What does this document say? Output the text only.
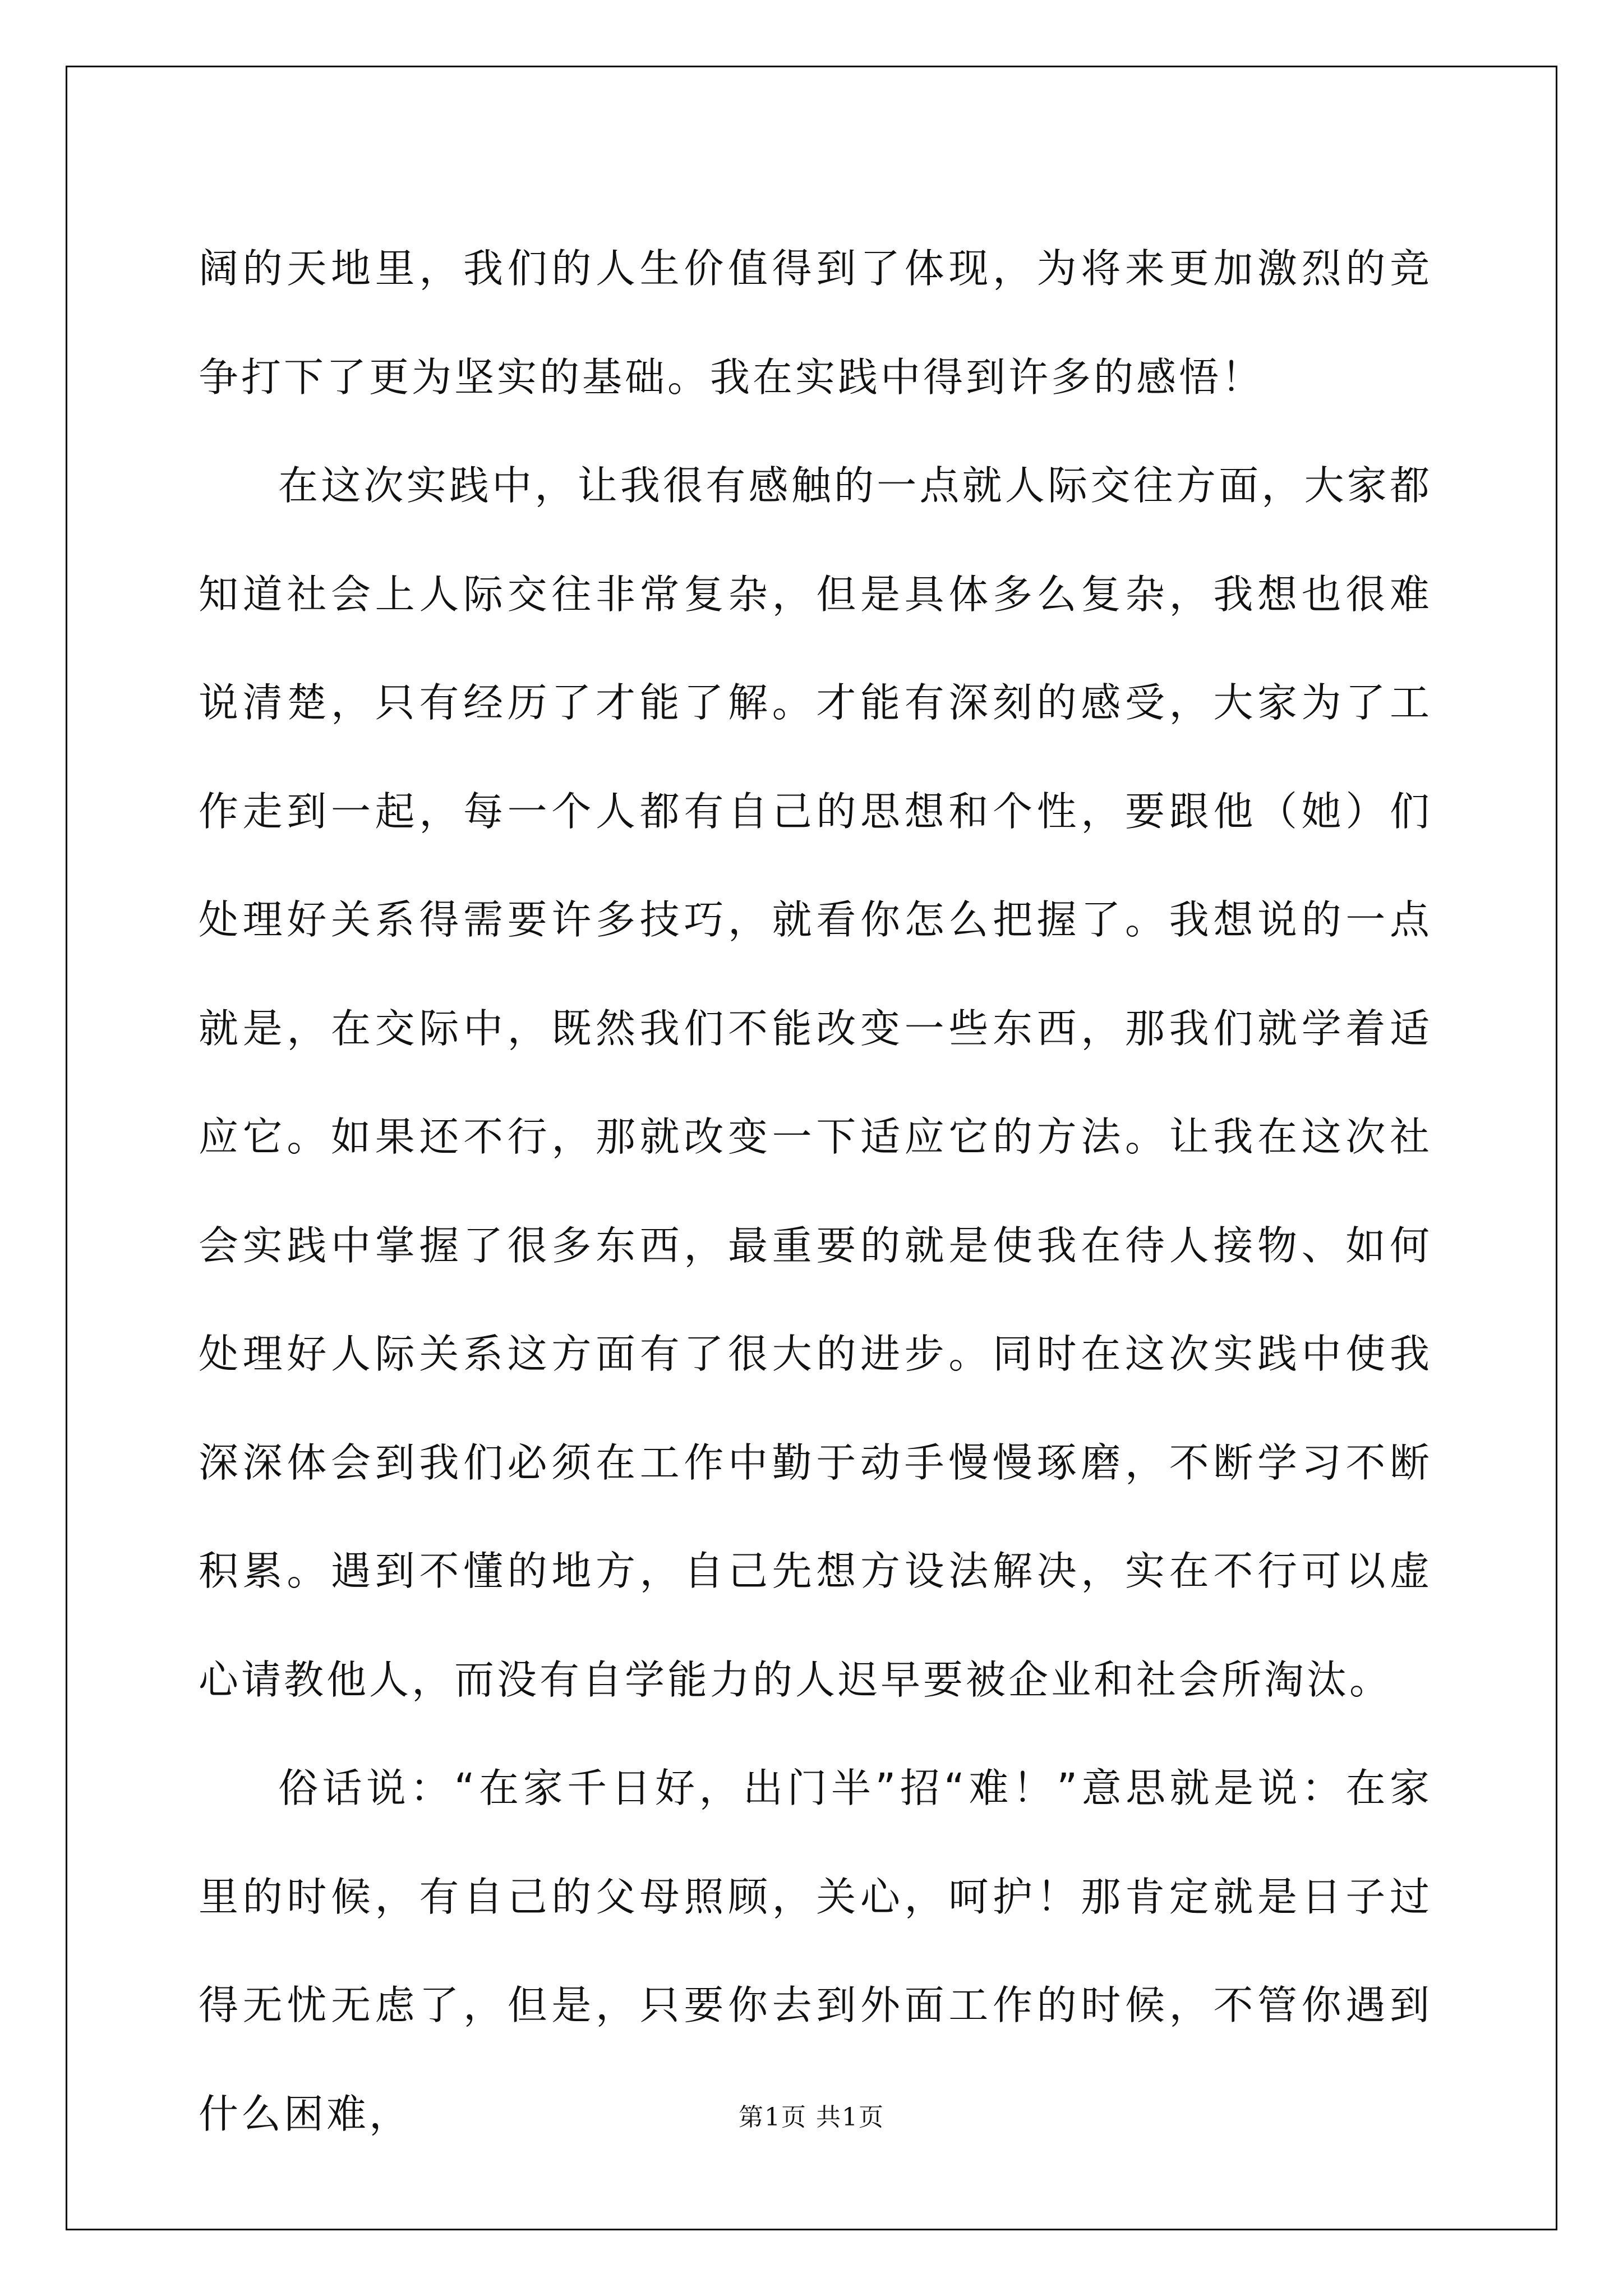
阔的天地里，我们的人生价值得到了体现，为将来更加激烈的竞争打下了更为坚实的基础。我在实践中得到许多的感悟！

在这次实践中，让我很有感触的一点就人际交往方面，大家都知道社会上人际交往非常复杂，但是具体多么复杂，我想也很难说清楚，只有经历了才能了解。才能有深刻的感受，大家为了工作走到一起，每一个人都有自己的思想和个性，要跟他（她）们处理好关系得需要许多技巧，就看你怎么把握了。我想说的一点就是，在交际中，既然我们不能改变一些东西，那我们就学着适应它。如果还不行，那就改变一下适应它的方法。让我在这次社会实践中掌握了很多东西，最重要的就是使我在待人接物、如何处理好人际关系这方面有了很大的进步。同时在这次实践中使我深深体会到我们必须在工作中勤于动手慢慢琢磨，不断学习不断积累。遇到不懂的地方，自己先想方设法解决，实在不行可以虚心请教他人，而没有自学能力的人迟早要被企业和社会所淘汰。

俗话说：“在家千日好，出门半”招“难！”意思就是说：在家里的时候，有自己的父母照顾，关心，呵护！那肯定就是日子过得无忧无虑了，但是，只要你去到外面工作的时候，不管你遇到什么困难，	第1页 共1页
